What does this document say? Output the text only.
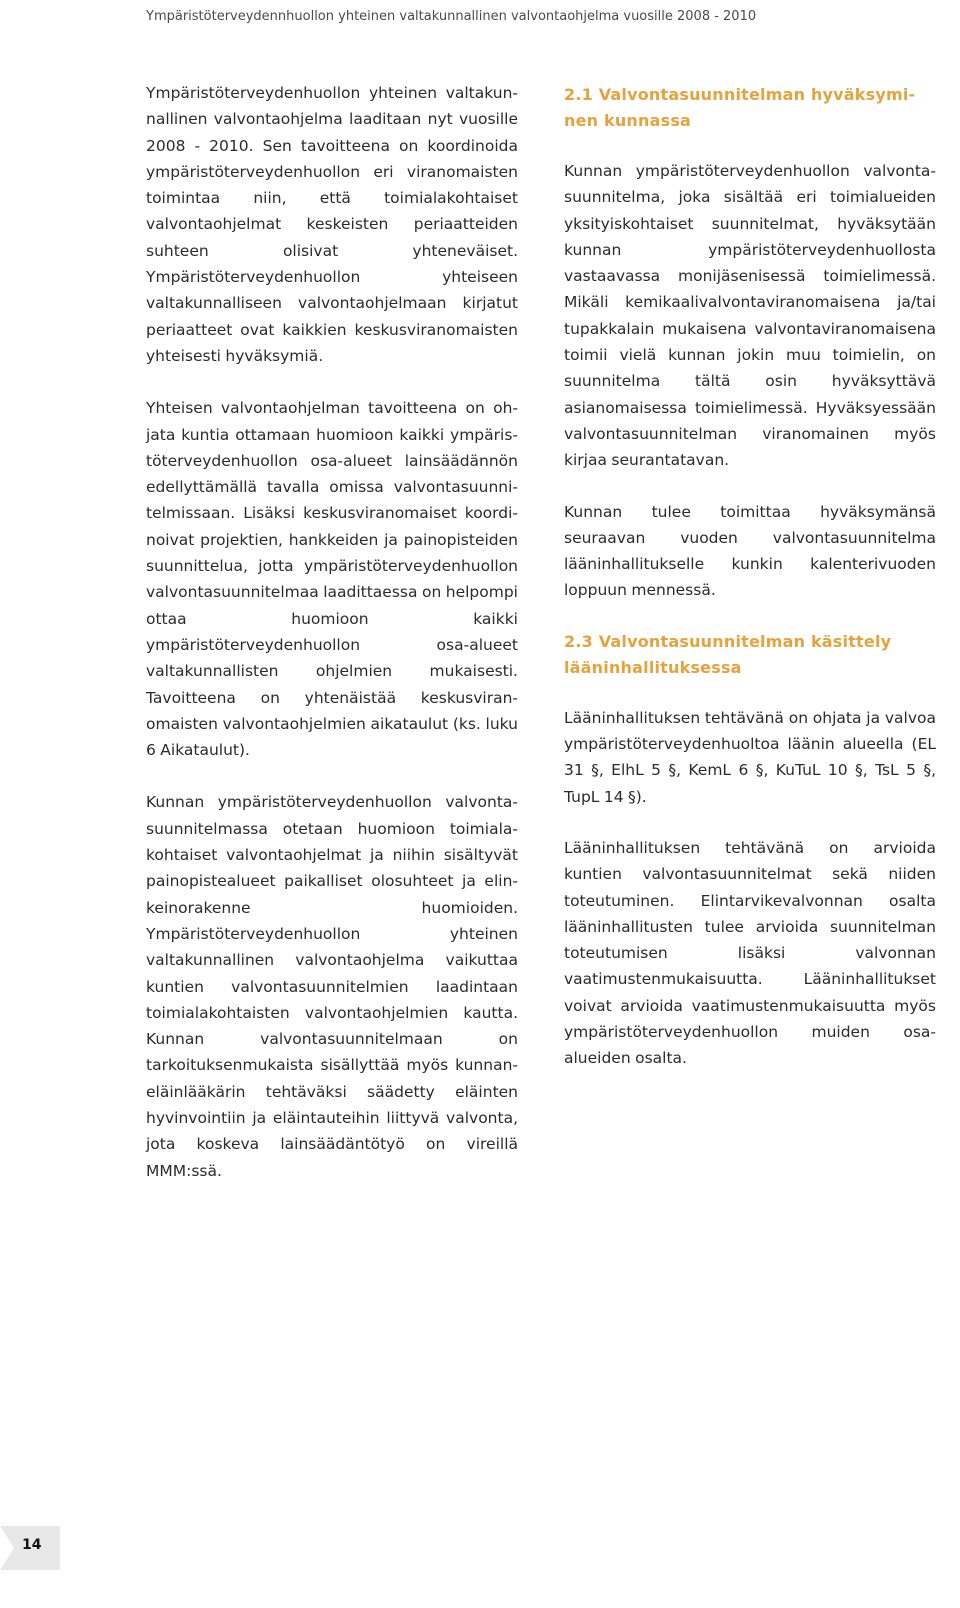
Ympäristöterveydennhuollon yhteinen valtakunnallinen valvontaohjelma vuosille 2008 - 2010

Ympäristöterveydenhuollon yhteinen valtakunnallinen valvontaohjelma laaditaan nyt vuosille 2008 - 2010. Sen tavoitteena on koordinoida ympäristöterveydenhuollon eri viranomaisten toimintaa niin, että toimialakohtaiset valvontaohjelmat keskeisten periaatteiden suhteen olisivat yhteneväiset. Ympäristöterveydenhuollon yhteiseen valtakunnalliseen valvontaohjelmaan kirjatut periaatteet ovat kaikkien keskusviranomaisten yhteisesti hyväksymiä.

Yhteisen valvontaohjelman tavoitteena on ohjata kuntia ottamaan huomioon kaikki ympäristöterveydenhuollon osa-alueet lainsäädännön edellyttämällä tavalla omissa valvontasuunnitelmissaan. Lisäksi keskusviranomaiset koordinoivat projektien, hankkeiden ja painopisteiden suunnittelua, jotta ympäristöterveydenhuollon valvontasuunnitelmaa laadittaessa on helpompi ottaa huomioon kaikki ympäristöterveydenhuollon osa-alueet valtakunnallisten ohjelmien mukaisesti. Tavoitteena on yhtenäistää keskusviranomaisten valvontaohjelmien aikataulut (ks. luku 6 Aikataulut).

Kunnan ympäristöterveydenhuollon valvontasuunnitelmassa otetaan huomioon toimialakohtaiset valvontaohjelmat ja niihin sisältyvät painopistealueet paikalliset olosuhteet ja elinkeinorakenne huomioiden. Ympäristöterveydenhuollon yhteinen valtakunnallinen valvontaohjelma vaikuttaa kuntien valvontasuunnitelmien laadintaan toimialakohtaisten valvontaohjelmien kautta. Kunnan valvontasuunnitelmaan on tarkoituksenmukaista sisällyttää myös kunnaneläinlääkärin tehtäväksi säädetty eläinten hyvinvointiin ja eläintauteihin liittyvä valvonta, jota koskeva lainsäädäntötyö on vireillä MMM:ssä.

2.1 Valvontasuunnitelman hyväksyminen kunnassa

Kunnan ympäristöterveydenhuollon valvontasuunnitelma, joka sisältää eri toimialueiden yksityiskohtaiset suunnitelmat, hyväksytään kunnan ympäristöterveydenhuollosta vastaavassa monijäsenisessä toimielimessä. Mikäli kemikaalivalvontaviranomaisena ja/tai tupakkalain mukaisena valvontaviranomaisena toimii vielä kunnan jokin muu toimielin, on suunnitelma tältä osin hyväksyttävä asianomaisessa toimielimessä. Hyväksyessään valvontasuunnitelman viranomainen myös kirjaa seurantatavan.

Kunnan tulee toimittaa hyväksymänsä seuraavan vuoden valvontasuunnitelma lääninhallitukselle kunkin kalenterivuoden loppuun mennessä.

2.3 Valvontasuunnitelman käsittely lääninhallituksessa

Lääninhallituksen tehtävänä on ohjata ja valvoa ympäristöterveydenhuoltoa läänin alueella (EL 31 §, ElhL 5 §, KemL 6 §, KuTuL 10 §, TsL 5 §, TupL 14 §).

Lääninhallituksen tehtävänä on arvioida kuntien valvontasuunnitelmat sekä niiden toteutuminen. Elintarvikevalvonnan osalta lääninhallitusten tulee arvioida suunnitelman toteutumisen lisäksi valvonnan vaatimustenmukaisuutta. Lääninhallitukset voivat arvioida vaatimustenmukaisuutta myös ympäristöterveydenhuollon muiden osaalueiden osalta.

14
